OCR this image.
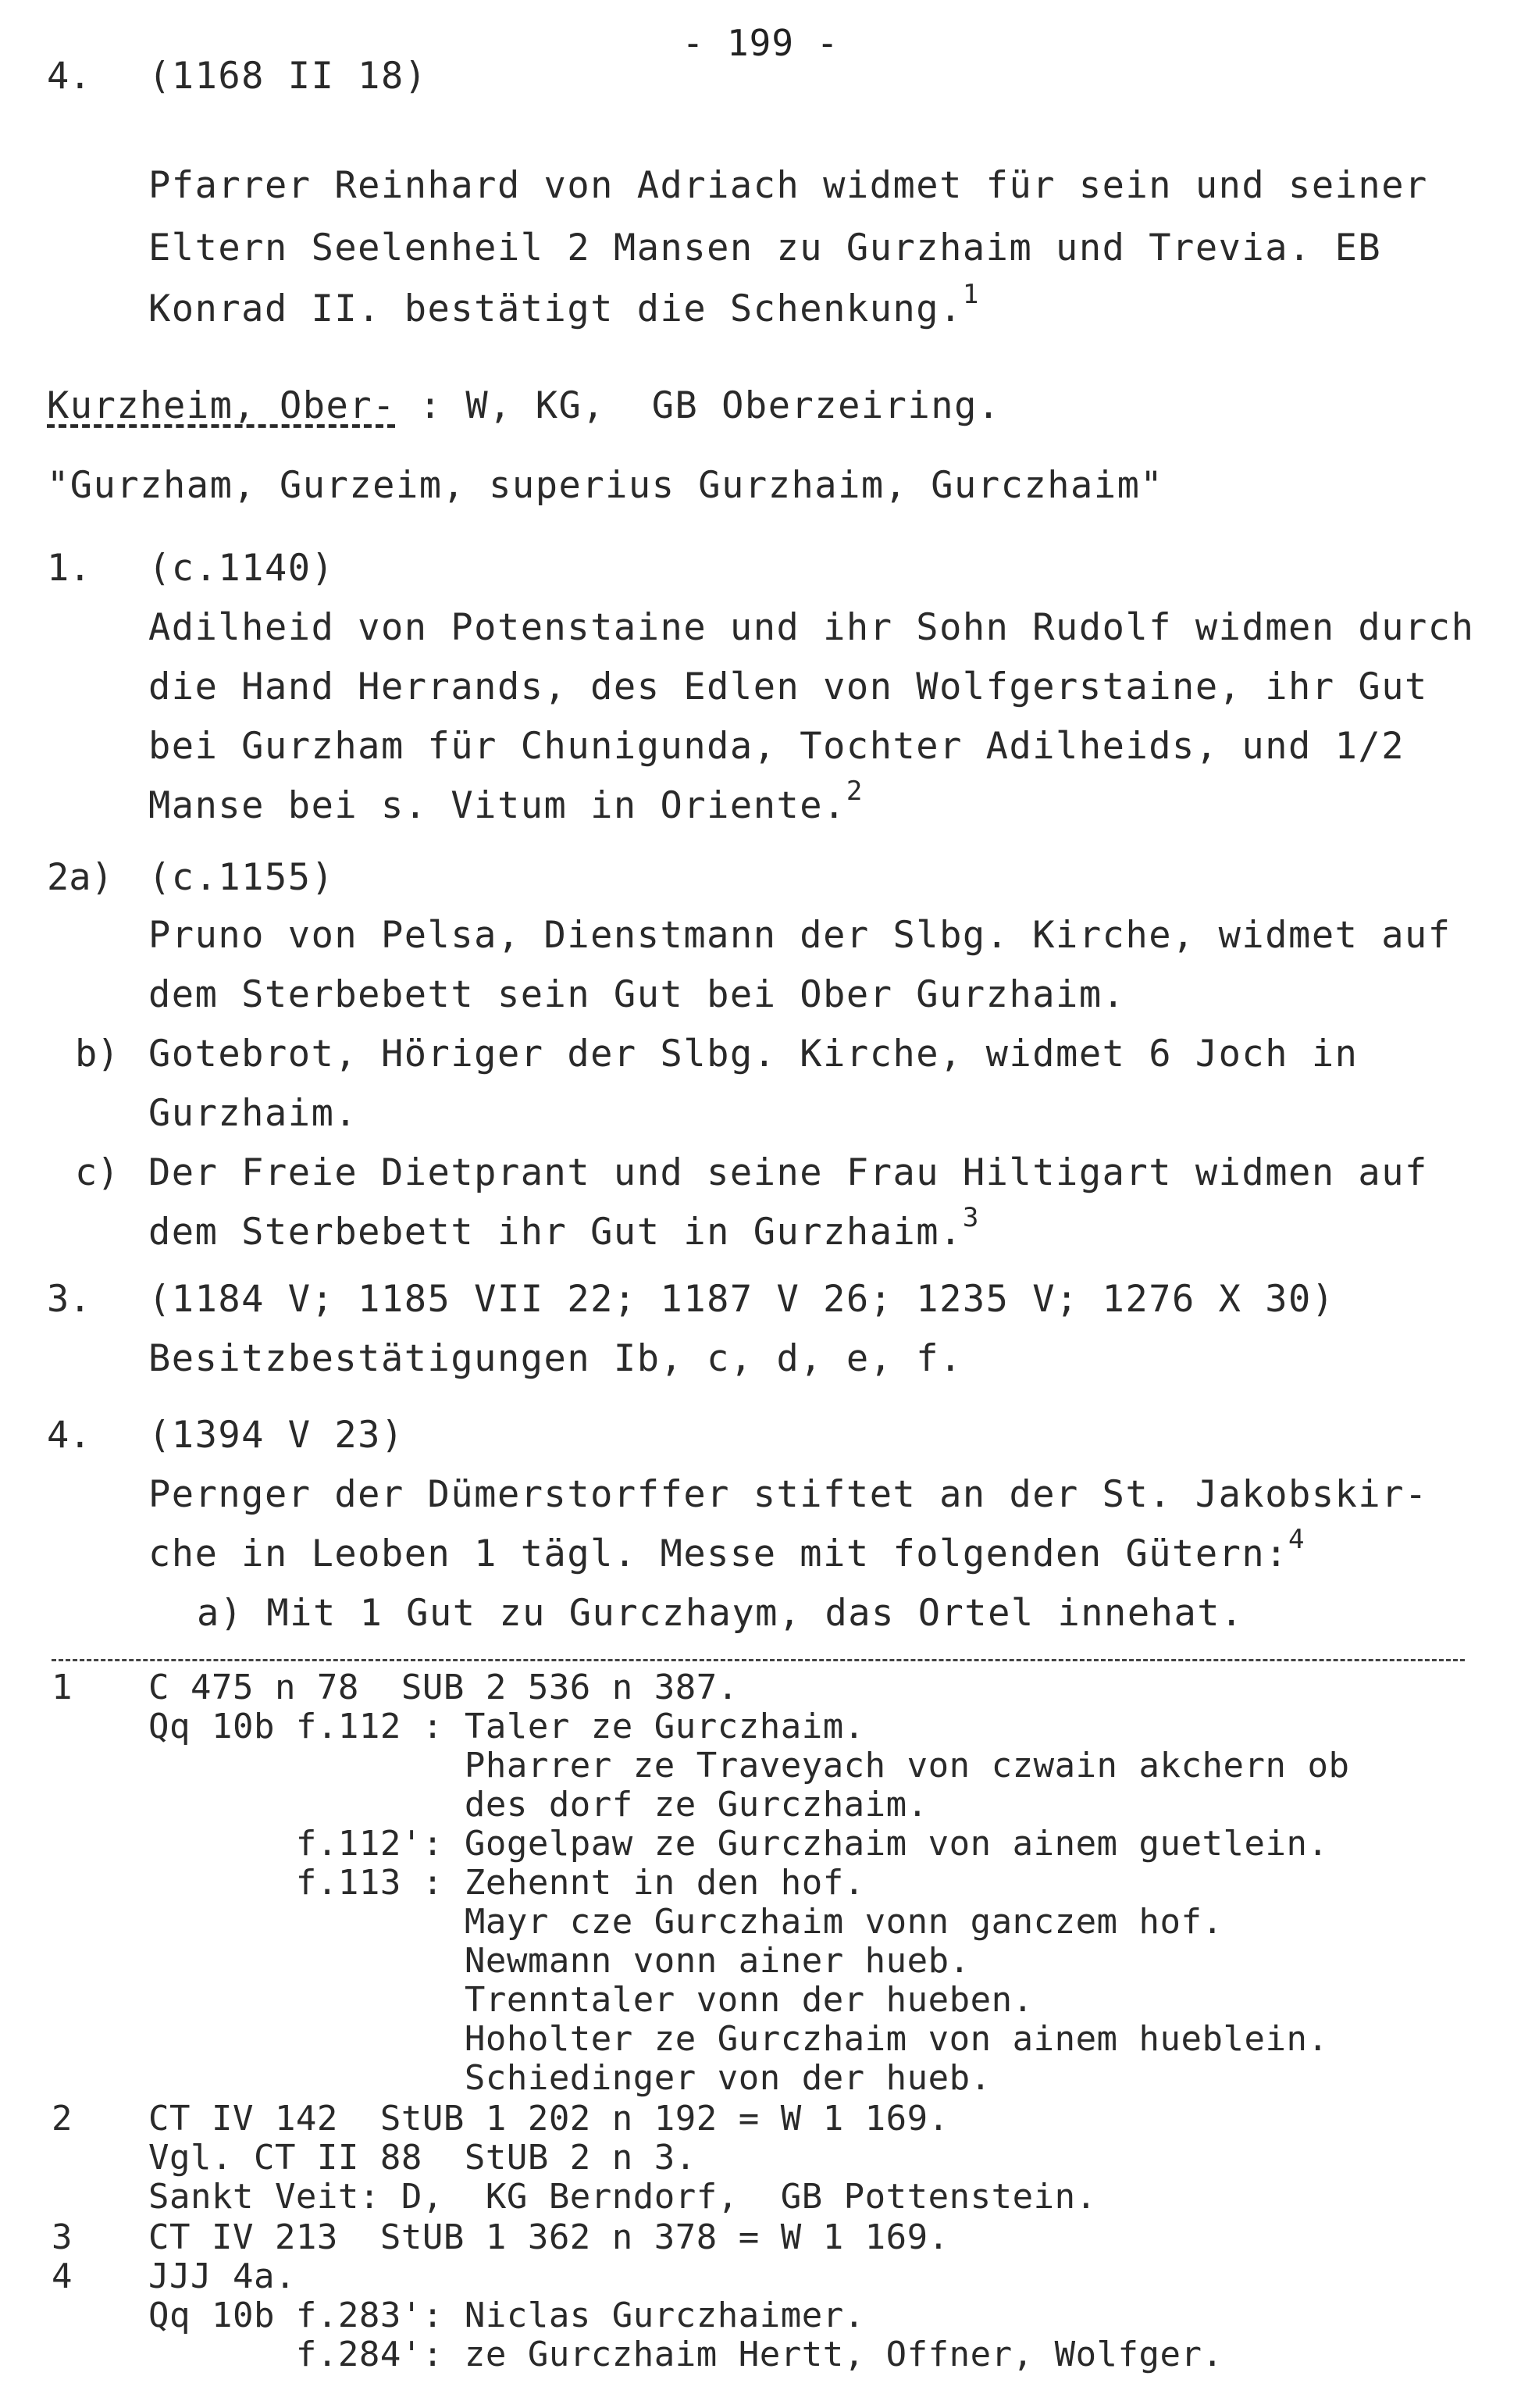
- 199 -
4. (1168 II 18)
Pfarrer Reinhard von Adriach widmet für sein und seiner
Eltern Seelenheil 2 Mansen zu Gurzhaim und Trevia. EB
Konrad II. bestätigt die Schenkung.$^1$
Kurzheim, Ober- : W, KG,  GB Oberzeiring.
"Gurzham, Gurzeim, superius Gurzhaim, Gurczhaim"
1. (c.1140)
Adilheid von Potenstaine und ihr Sohn Rudolf widmen durch
die Hand Herrands, des Edlen von Wolfgerstaine, ihr Gut
bei Gurzham für Chunigunda, Tochter Adilheids, und 1/2
Manse bei s. Vitum in Oriente.$^2$
2a) (c.1155)
Pruno von Pelsa, Dienstmann der Slbg. Kirche, widmet auf
dem Sterbebett sein Gut bei Ober Gurzhaim.
b) Gotebrot, Höriger der Slbg. Kirche, widmet 6 Joch in
Gurzhaim.
c) Der Freie Dietprant und seine Frau Hiltigart widmen auf
dem Sterbebett ihr Gut in Gurzhaim.$^3$
3. (1184 V; 1185 VII 22; 1187 V 26; 1235 V; 1276 X 30)
Besitzbestätigungen Ib, c, d, e, f.
4. (1394 V 23)
Pernger der Dümerstorffer stiftet an der St. Jakobskir-
che in Leoben 1 tägl. Messe mit folgenden Gütern:$^4$
a) Mit 1 Gut zu Gurczhaym, das Ortel innehat.
1 C 475 n 78  SUB 2 536 n 387.
Qq 10b f.112 : Taler ze Gurczhaim.
Pharrer ze Traveyach von czwain akchern ob
des dorf ze Gurczhaim.
f.112': Gogelpaw ze Gurczhaim von ainem guetlein.
f.113 : Zehennt in den hof.
Mayr cze Gurczhaim vonn ganczem hof.
Newmann vonn ainer hueb.
Trenntaler vonn der hueben.
Hoholter ze Gurczhaim von ainem hueblein.
Schiedinger von der hueb.
2 CT IV 142  StUB 1 202 n 192 = W 1 169.
Vgl. CT II 88  StUB 2 n 3.
Sankt Veit: D,  KG Berndorf,  GB Pottenstein.
3 CT IV 213  StUB 1 362 n 378 = W 1 169.
4 JJJ 4a.
Qq 10b f.283': Niclas Gurczhaimer.
f.284': ze Gurczhaim Hertt, Offner, Wolfger.
